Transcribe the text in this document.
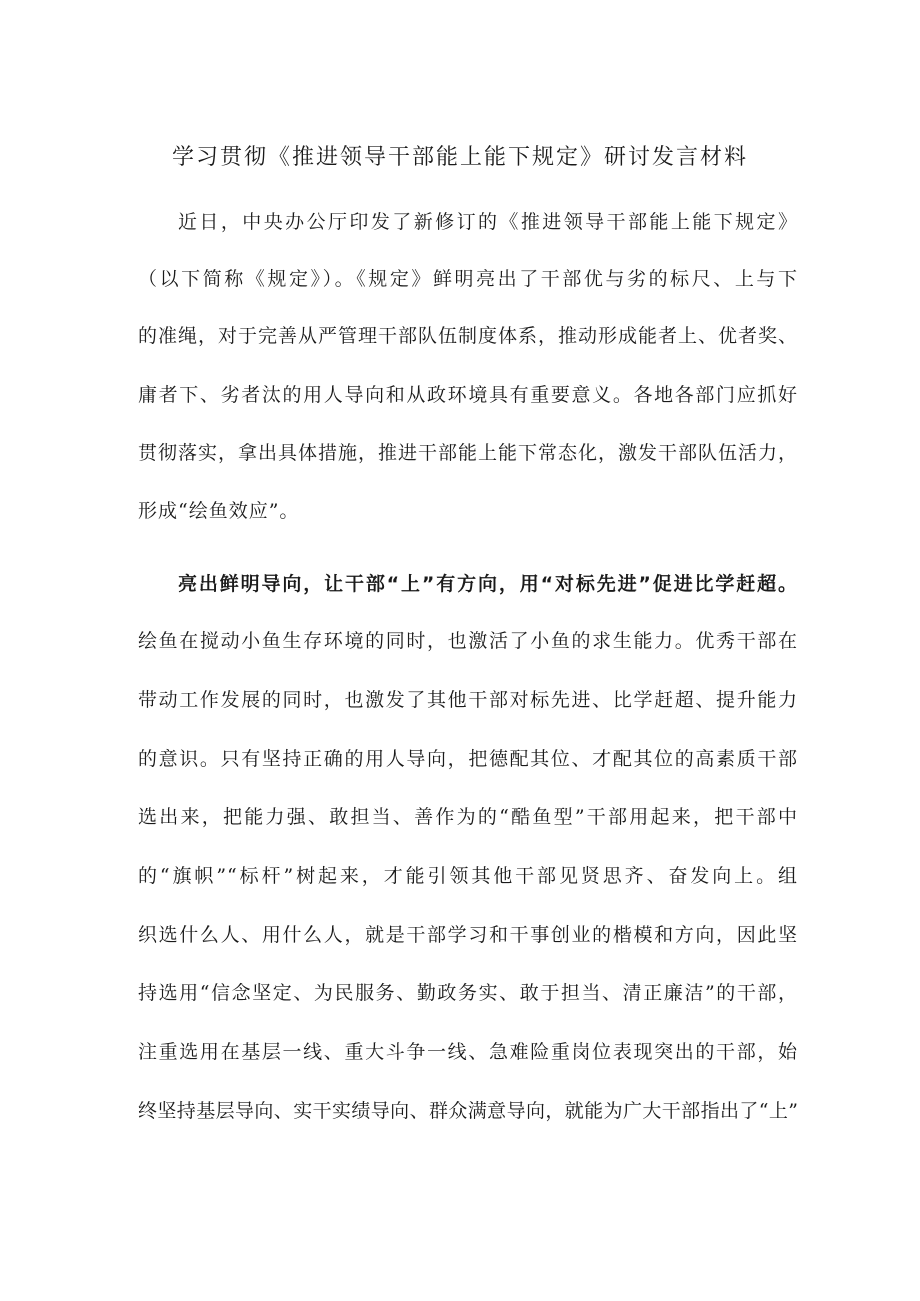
学习贯彻《推进领导干部能上能下规定》研讨发言材料

近日，中央办公厅印发了新修订的《推进领导干部能上能下规定》

（以下简称《规定》）。《规定》鲜明亮出了干部优与劣的标尺、上与下

的准绳，对于完善从严管理干部队伍制度体系，推动形成能者上、优者奖、

庸者下、劣者汰的用人导向和从政环境具有重要意义。各地各部门应抓好

贯彻落实，拿出具体措施，推进干部能上能下常态化，激发干部队伍活力，

形成“绘鱼效应”。

亮出鲜明导向，让干部“上”有方向，用“对标先进”促进比学赶超。

绘鱼在搅动小鱼生存环境的同时，也激活了小鱼的求生能力。优秀干部在

带动工作发展的同时，也激发了其他干部对标先进、比学赶超、提升能力

的意识。只有坚持正确的用人导向，把德配其位、才配其位的高素质干部

选出来，把能力强、敢担当、善作为的“酷鱼型”干部用起来，把干部中

的“旗帜”“标杆”树起来，才能引领其他干部见贤思齐、奋发向上。组

织选什么人、用什么人，就是干部学习和干事创业的楷模和方向，因此坚

持选用“信念坚定、为民服务、勤政务实、敢于担当、清正廉洁”的干部，

注重选用在基层一线、重大斗争一线、急难险重岗位表现突出的干部，始

终坚持基层导向、实干实绩导向、群众满意导向，就能为广大干部指出了“上”
